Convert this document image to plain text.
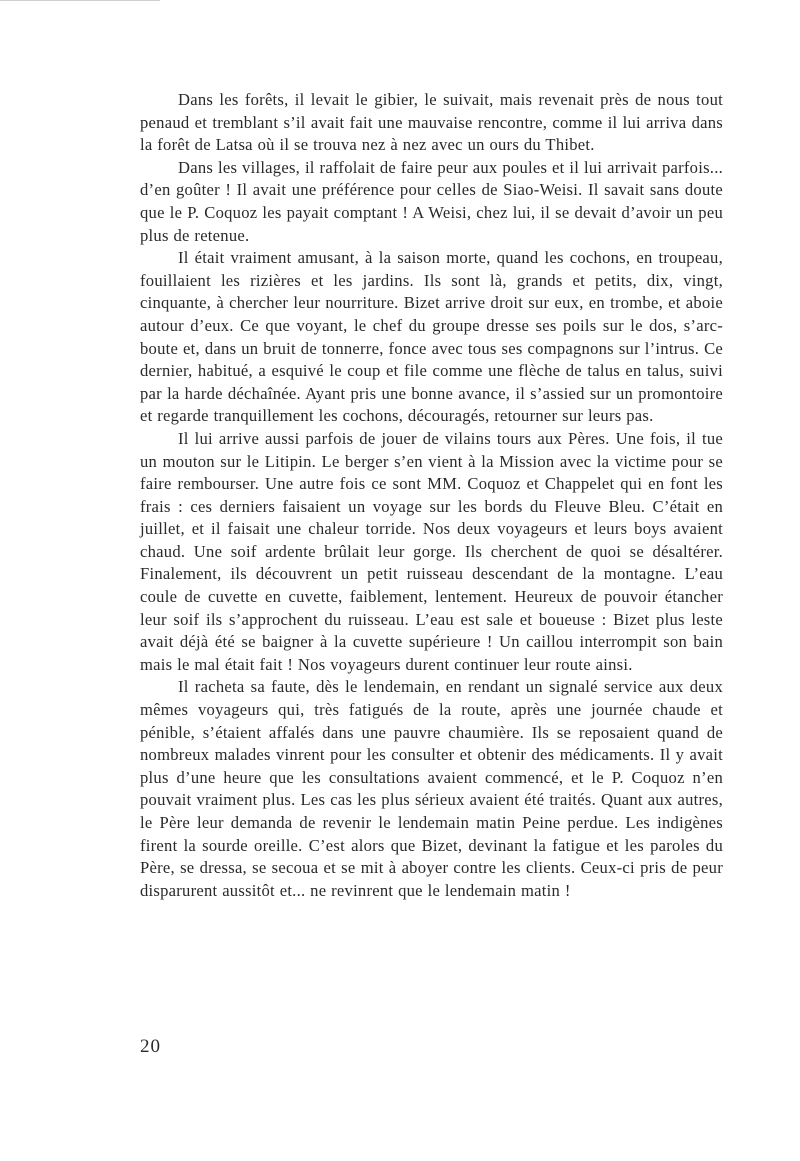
Dans les forêts, il levait le gibier, le suivait, mais revenait près de nous tout penaud et tremblant s’il avait fait une mauvaise rencontre, comme il lui arriva dans la forêt de Latsa où il se trouva nez à nez avec un ours du Thibet.

Dans les villages, il raffolait de faire peur aux poules et il lui arrivait parfois... d’en goûter ! Il avait une préférence pour celles de Siao-Weisi. Il savait sans doute que le P. Coquoz les payait comptant ! A Weisi, chez lui, il se devait d’avoir un peu plus de retenue.

Il était vraiment amusant, à la saison morte, quand les cochons, en troupeau, fouillaient les rizières et les jardins. Ils sont là, grands et petits, dix, vingt, cinquante, à chercher leur nourriture. Bizet arrive droit sur eux, en trombe, et aboie autour d’eux. Ce que voyant, le chef du groupe dresse ses poils sur le dos, s’arc-boute et, dans un bruit de tonnerre, fonce avec tous ses compagnons sur l’intrus. Ce dernier, habitué, a esquivé le coup et file comme une flèche de talus en talus, suivi par la harde déchaînée. Ayant pris une bonne avance, il s’assied sur un promontoire et regarde tranquillement les cochons, découragés, retourner sur leurs pas.

Il lui arrive aussi parfois de jouer de vilains tours aux Pères. Une fois, il tue un mouton sur le Litipin. Le berger s’en vient à la Mission avec la victime pour se faire rembourser. Une autre fois ce sont MM. Coquoz et Chappelet qui en font les frais : ces derniers faisaient un voyage sur les bords du Fleuve Bleu. C’était en juillet, et il faisait une chaleur torride. Nos deux voyageurs et leurs boys avaient chaud. Une soif ardente brûlait leur gorge. Ils cherchent de quoi se désaltérer. Finalement, ils découvrent un petit ruisseau descendant de la montagne. L’eau coule de cuvette en cuvette, faiblement, lentement. Heureux de pouvoir étancher leur soif ils s’approchent du ruisseau. L’eau est sale et boueuse : Bizet plus leste avait déjà été se baigner à la cuvette supérieure ! Un caillou interrompit son bain mais le mal était fait ! Nos voyageurs durent continuer leur route ainsi.

Il racheta sa faute, dès le lendemain, en rendant un signalé service aux deux mêmes voyageurs qui, très fatigués de la route, après une journée chaude et pénible, s’étaient affalés dans une pauvre chaumière. Ils se reposaient quand de nombreux malades vinrent pour les consulter et obtenir des médicaments. Il y avait plus d’une heure que les consultations avaient commencé, et le P. Coquoz n’en pouvait vraiment plus. Les cas les plus sérieux avaient été traités. Quant aux autres, le Père leur demanda de revenir le lendemain matin Peine perdue. Les indigènes firent la sourde oreille. C’est alors que Bizet, devinant la fatigue et les paroles du Père, se dressa, se secoua et se mit à aboyer contre les clients. Ceux-ci pris de peur disparurent aussitôt et... ne revinrent que le lendemain matin !

20
